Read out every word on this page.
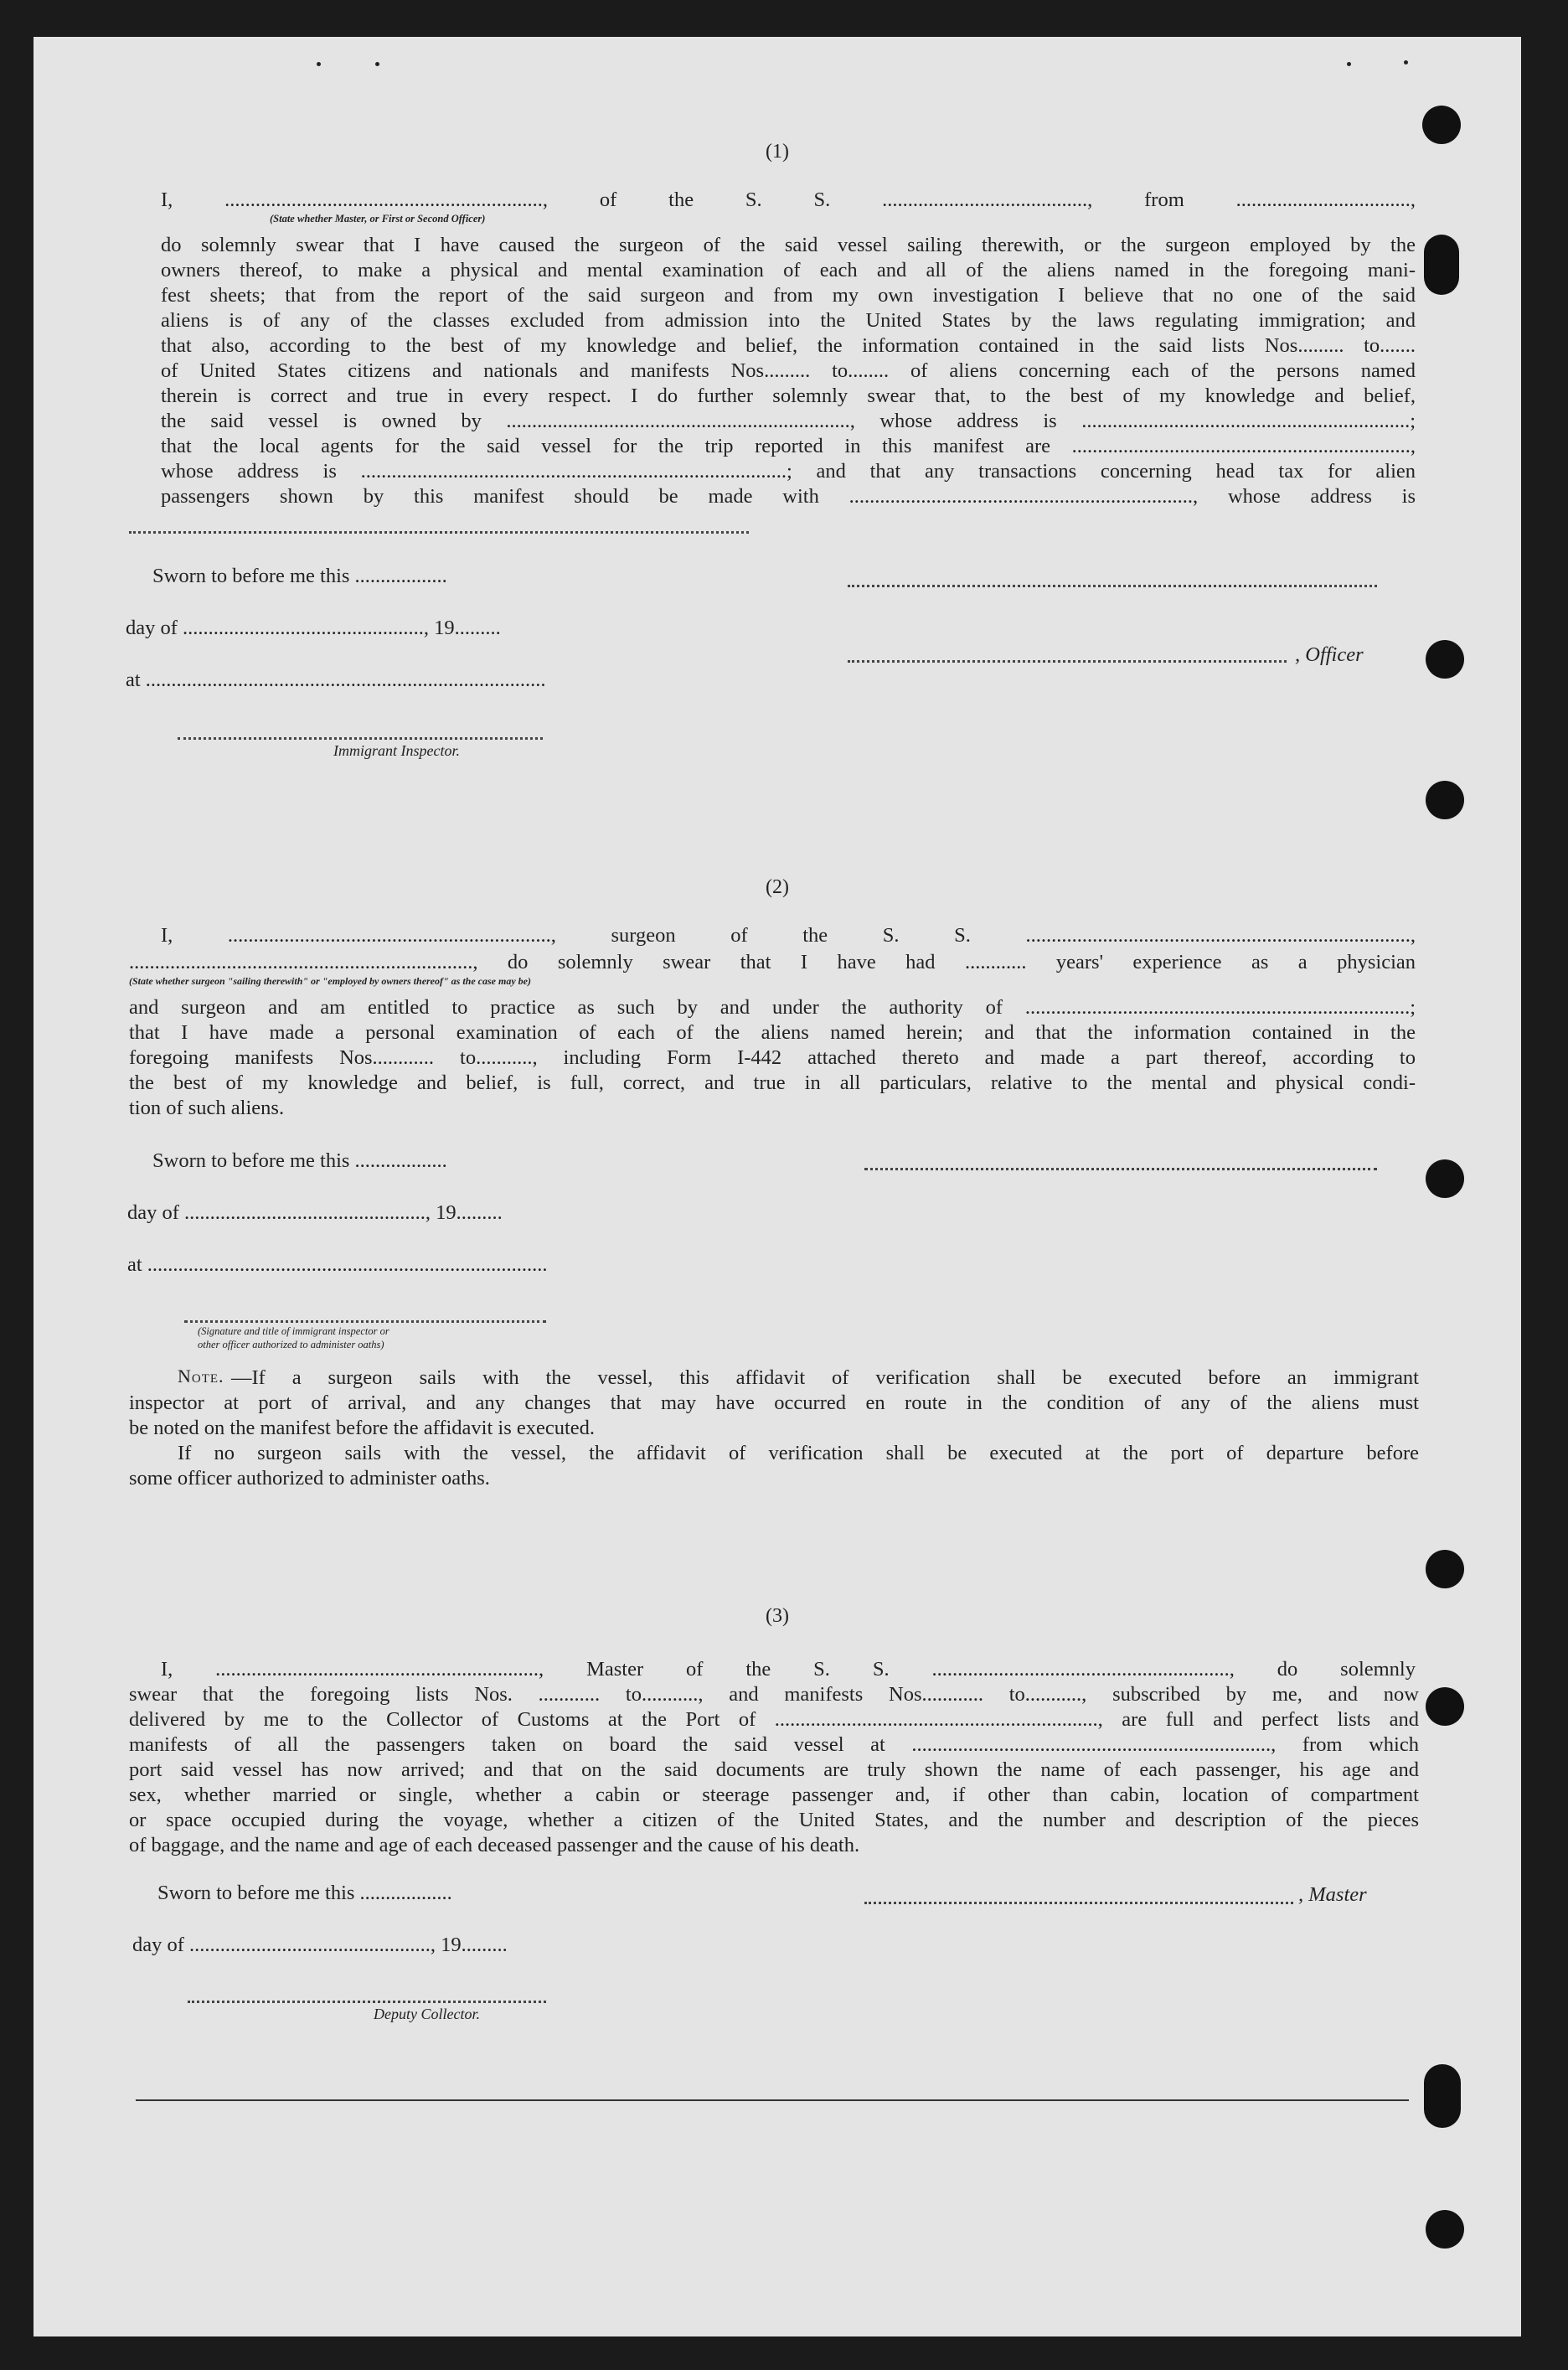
(1)
I, .............................................................., of the S. S. ........................................, from ..................................,
(State whether Master, or First or Second Officer)
do solemnly swear that I have caused the surgeon of the said vessel sailing therewith, or the surgeon employed by the
owners thereof, to make a physical and mental examination of each and all of the aliens named in the foregoing mani-
fest sheets; that from the report of the said surgeon and from my own investigation I believe that no one of the said
aliens is of any of the classes excluded from admission into the United States by the laws regulating immigration; and
that also, according to the best of my knowledge and belief, the information contained in the said lists Nos......... to.......
of United States citizens and nationals and manifests Nos......... to........ of aliens concerning each of the persons named
therein is correct and true in every respect. I do further solemnly swear that, to the best of my knowledge and belief,
the said vessel is owned by ..................................................................., whose address is ................................................................;
that the local agents for the said vessel for the trip reported in this manifest are ..................................................................,
whose address is ...................................................................................; and that any transactions concerning head tax for alien
passengers shown by this manifest should be made with ..................................................................., whose address is
Sworn to before me this ..................
day of ..............................................., 19.........
, Officer
at ..............................................................................
Immigrant Inspector.
(2)
I, ..............................................................., surgeon of the S. S. ...........................................................................,
..................................................................., do solemnly swear that I have had ............ years' experience as a physician
(State whether surgeon "sailing therewith" or "employed by owners thereof" as the case may be)
and surgeon and am entitled to practice as such by and under the authority of ...........................................................................;
that I have made a personal examination of each of the aliens named herein; and that the information contained in the
foregoing manifests Nos............ to..........., including Form I-442 attached thereto and made a part thereof, according to
the best of my knowledge and belief, is full, correct, and true in all particulars, relative to the mental and physical condi-
tion of such aliens.
Sworn to before me this ..................
day of ..............................................., 19.........
at ..............................................................................
(Signature and title of immigrant inspector or
other officer authorized to administer oaths)
Note. —If a surgeon sails with the vessel, this affidavit of verification shall be executed before an immigrant
inspector at port of arrival, and any changes that may have occurred en route in the condition of any of the aliens must
be noted on the manifest before the affidavit is executed.
If no surgeon sails with the vessel, the affidavit of verification shall be executed at the port of departure before
some officer authorized to administer oaths.
(3)
I, ..............................................................., Master of the S. S. .........................................................., do solemnly
swear that the foregoing lists Nos. ............ to..........., and manifests Nos............ to..........., subscribed by me, and now
delivered by me to the Collector of Customs at the Port of ..............................................................., are full and perfect lists and
manifests of all the passengers taken on board the said vessel at ......................................................................, from which
port said vessel has now arrived; and that on the said documents are truly shown the name of each passenger, his age and
sex, whether married or single, whether a cabin or steerage passenger and, if other than cabin, location of compartment
or space occupied during the voyage, whether a citizen of the United States, and the number and description of the pieces
of baggage, and the name and age of each deceased passenger and the cause of his death.
Sworn to before me this ..................	, Master
day of ..............................................., 19.........
Deputy Collector.
